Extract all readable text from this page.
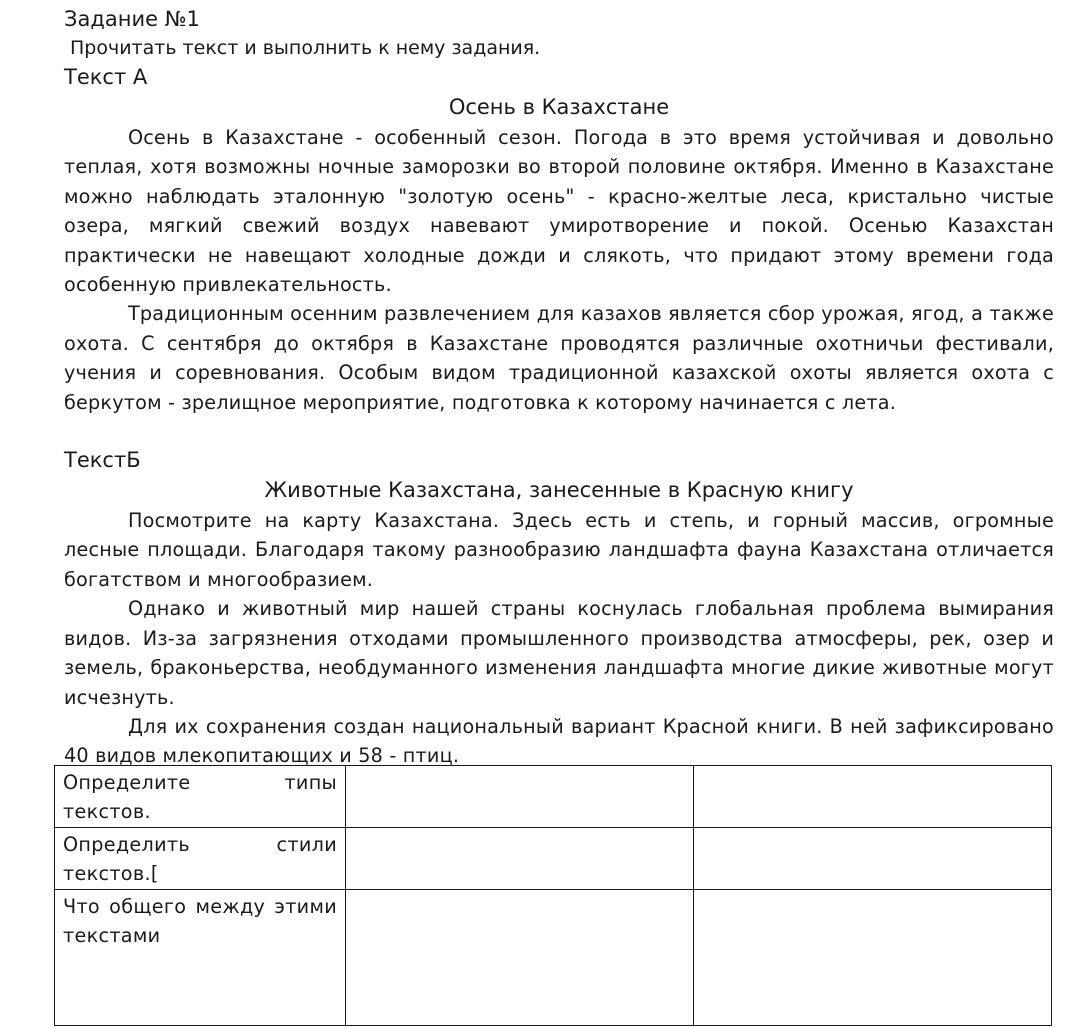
Задание №1
Прочитать текст и выполнить к нему задания.
Текст А
Осень в Казахстане

Осень в Казахстане - особенный сезон. Погода в это время устойчивая и довольно теплая, хотя возможны ночные заморозки во второй половине октября. Именно в Казахстане можно наблюдать эталонную "золотую осень" - красно-желтые леса, кристально чистые озера, мягкий свежий воздух навевают умиротворение и покой. Осенью Казахстан практически не навещают холодные дожди и слякоть, что придают этому времени года особенную привлекательность.

Традиционным осенним развлечением для казахов является сбор урожая, ягод, а также охота. С сентября до октября в Казахстане проводятся различные охотничьи фестивали, учения и соревнования. Особым видом традиционной казахской охоты является охота с беркутом - зрелищное мероприятие, подготовка к которому начинается с лета.

ТекстБ
Животные Казахстана, занесенные в Красную книгу

Посмотрите на карту Казахстана. Здесь есть и степь, и горный массив, огромные лесные площади. Благодаря такому разнообразию ландшафта фауна Казахстана отличается богатством и многообразием.

Однако и животный мир нашей страны коснулась глобальная проблема вымирания видов. Из-за загрязнения отходами промышленного производства атмосферы, рек, озер и земель, браконьерства, необдуманного изменения ландшафта многие дикие животные могут исчезнуть.

Для их сохранения создан национальный вариант Красной книги. В ней зафиксировано 40 видов млекопитающих и 58 - птиц.

Определите типы текстов.		
Определить стили текстов.[		
Что общего между этими текстами		
